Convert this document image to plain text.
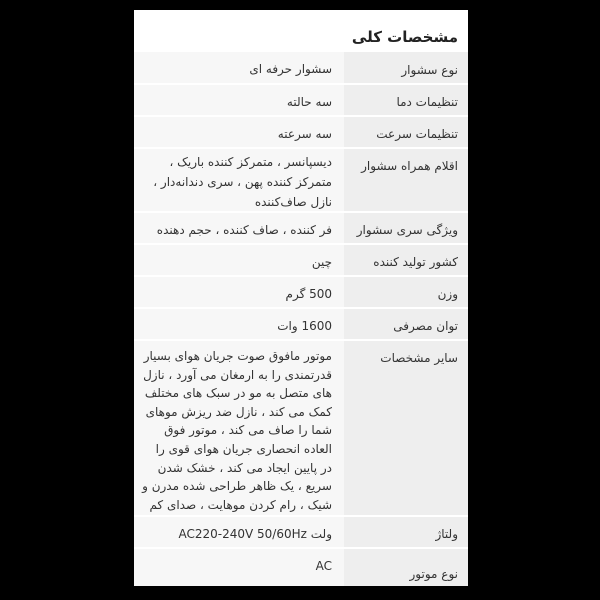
مشخصات کلی
نوع سشوار
سشوار حرفه ای
تنظیمات دما
سه حالته
تنظیمات سرعت
سه سرعته
اقلام همراه سشوار
دیسپانسر ، متمرکز کننده باریک ،
متمرکز کننده پهن ، سری دندانه‌دار ،
نازل صاف‌کننده
ویژگی سری سشوار
فر کننده ، صاف کننده ، حجم دهنده
کشور تولید کننده
چین
وزن
500 گرم
توان مصرفی
1600 وات
سایر مشخصات
موتور مافوق صوت جریان هوای بسیار
قدرتمندی را به ارمغان می آورد ، نازل
های متصل به مو در سبک های مختلف
کمک می کند ، نازل ضد ریزش موهای
شما را صاف می کند ، موتور فوق
العاده انحصاری جریان هوای قوی را
در پایین ایجاد می کند ، خشک شدن
سریع ، یک ظاهر طراحی شده مدرن و
شیک ، رام کردن موهایت ، صدای کم
ولتاژ
ولت AC220-240V 50/60Hz
نوع موتور
AC
